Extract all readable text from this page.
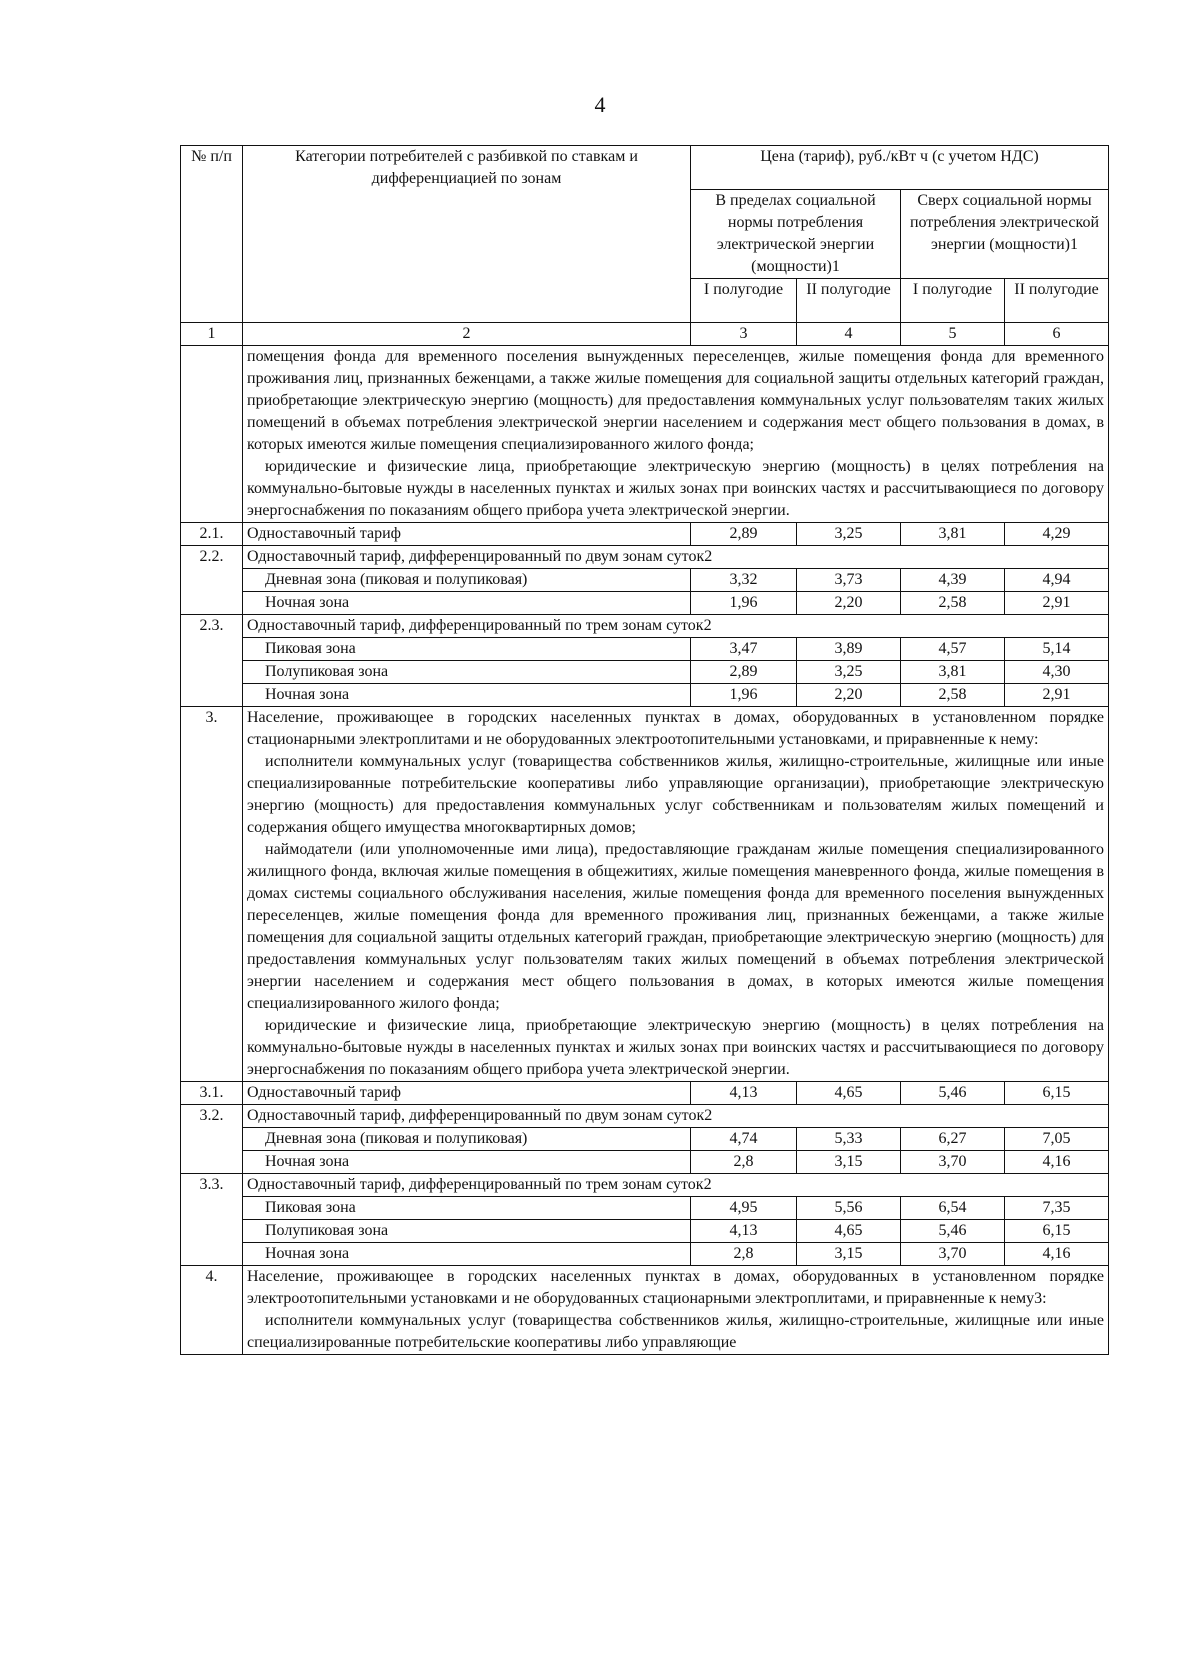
4
№ п/п	Категории потребителей с разбивкой по ставкам и дифференциацией по зонам	Цена (тариф), руб./кВт ч (с учетом НДС)			
		В пределах социальной нормы потребления электрической энергии (мощности)1		Сверх социальной нормы потребления электрической энергии (мощности)1	
		I полугодие	II полугодие	I полугодие	II полугодие

1	2	3	4	5	6

	помещения фонда для временного поселения вынужденных переселенцев, жилые помещения фонда для временного проживания лиц, признанных беженцами, а также жилые помещения для социальной защиты отдельных категорий граждан, приобретающие электрическую энергию (мощность) для предоставления коммунальных услуг пользователям таких жилых помещений в объемах потребления электрической энергии населением и содержания мест общего пользования в домах, в которых имеются жилые помещения специализированного жилого фонда;

юридические и физические лица, приобретающие электрическую энергию (мощность) в целях потребления на коммунально-бытовые нужды в населенных пунктах и жилых зонах при воинских частях и рассчитывающиеся по договору энергоснабжения по показаниям общего прибора учета электрической энергии.				

2.1.	Одноставочный тариф	2,89	3,25	3,81	4,29
2.2.	Одноставочный тариф, дифференцированный по двум зонам суток2				
	Дневная зона (пиковая и полупиковая)	3,32	3,73	4,39	4,94
	Ночная зона	1,96	2,20	2,58	2,91
2.3.	Одноставочный тариф, дифференцированный по трем зонам суток2				
	Пиковая зона	3,47	3,89	4,57	5,14
	Полупиковая зона	2,89	3,25	3,81	4,30
	Ночная зона	1,96	2,20	2,58	2,91
3.	Население, проживающее в городских населенных пунктах в домах, оборудованных в установленном порядке стационарными электроплитами и не оборудованных электроотопительными установками, и приравненные к нему:

исполнители коммунальных услуг (товарищества собственников жилья, жилищно-строительные, жилищные или иные специализированные потребительские кооперативы либо управляющие организации), приобретающие электрическую энергию (мощность) для предоставления коммунальных услуг собственникам и пользователям жилых помещений и содержания общего имущества многоквартирных домов;

наймодатели (или уполномоченные ими лица), предоставляющие гражданам жилые помещения специализированного жилищного фонда, включая жилые помещения в общежитиях, жилые помещения маневренного фонда, жилые помещения в домах системы социального обслуживания населения, жилые помещения фонда для временного поселения вынужденных переселенцев, жилые помещения фонда для временного проживания лиц, признанных беженцами, а также жилые помещения для социальной защиты отдельных категорий граждан, приобретающие электрическую энергию (мощность) для предоставления коммунальных услуг пользователям таких жилых помещений в объемах потребления электрической энергии населением и содержания мест общего пользования в домах, в которых имеются жилые помещения специализированного жилого фонда;

юридические и физические лица, приобретающие электрическую энергию (мощность) в целях потребления на коммунально-бытовые нужды в населенных пунктах и жилых зонах при воинских частях и рассчитывающиеся по договору энергоснабжения по показаниям общего прибора учета электрической энергии.				

3.1.	Одноставочный тариф	4,13	4,65	5,46	6,15
3.2.	Одноставочный тариф, дифференцированный по двум зонам суток2				
	Дневная зона (пиковая и полупиковая)	4,74	5,33	6,27	7,05
	Ночная зона	2,8	3,15	3,70	4,16
3.3.	Одноставочный тариф, дифференцированный по трем зонам суток2				
	Пиковая зона	4,95	5,56	6,54	7,35
	Полупиковая зона	4,13	4,65	5,46	6,15
	Ночная зона	2,8	3,15	3,70	4,16
4.	Население, проживающее в городских населенных пунктах в домах, оборудованных в установленном порядке электроотопительными установками и не оборудованных стационарными электроплитами, и приравненные к нему3:

исполнители коммунальных услуг (товарищества собственников жилья, жилищно-строительные, жилищные или иные специализированные потребительские кооперативы либо управляющие				
